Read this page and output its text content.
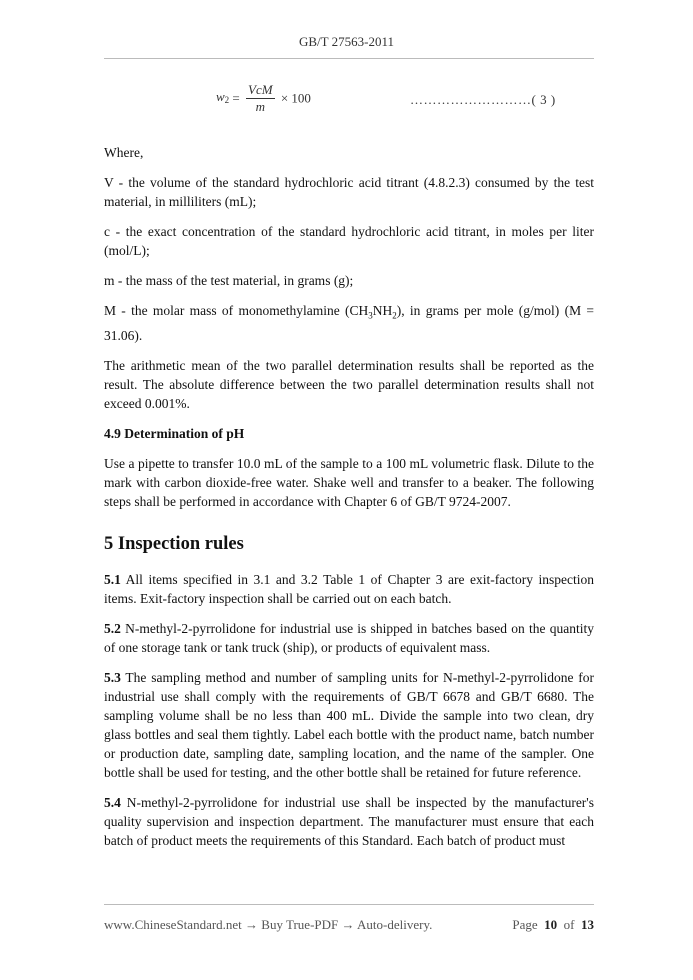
GB/T 27563-2011
$w_2 = \frac{\text{VcM}}{m} \times 100$	………………………( 3 )

Where,

V - the volume of the standard hydrochloric acid titrant (4.8.2.3) consumed by the test material, in milliliters (mL);

c - the exact concentration of the standard hydrochloric acid titrant, in moles per liter (mol/L);

m - the mass of the test material, in grams (g);

M - the molar mass of monomethylamine $(CH_3NH_2)$, in grams per mole (g/mol) (M = 31.06).

The arithmetic mean of the two parallel determination results shall be reported as the result. The absolute difference between the two parallel determination results shall not exceed 0.001%.

4.9 Determination of pH

Use a pipette to transfer 10.0 mL of the sample to a 100 mL volumetric flask. Dilute to the mark with carbon dioxide-free water. Shake well and transfer to a beaker. The following steps shall be performed in accordance with Chapter 6 of GB/T 9724-2007.

5 Inspection rules

5.1 All items specified in 3.1 and 3.2 Table 1 of Chapter 3 are exit-factory inspection items. Exit-factory inspection shall be carried out on each batch.

5.2 N-methyl-2-pyrrolidone for industrial use is shipped in batches based on the quantity of one storage tank or tank truck (ship), or products of equivalent mass.

5.3 The sampling method and number of sampling units for N-methyl-2-pyrrolidone for industrial use shall comply with the requirements of GB/T 6678 and GB/T 6680. The sampling volume shall be no less than 400 mL. Divide the sample into two clean, dry glass bottles and seal them tightly. Label each bottle with the product name, batch number or production date, sampling date, sampling location, and the name of the sampler. One bottle shall be used for testing, and the other bottle shall be retained for future reference.

5.4 N-methyl-2-pyrrolidone for industrial use shall be inspected by the manufacturer's quality supervision and inspection department. The manufacturer must ensure that each batch of product meets the requirements of this Standard. Each batch of product must

www.ChineseStandard.net → Buy True-PDF → Auto-delivery.	Page 10 of 13
